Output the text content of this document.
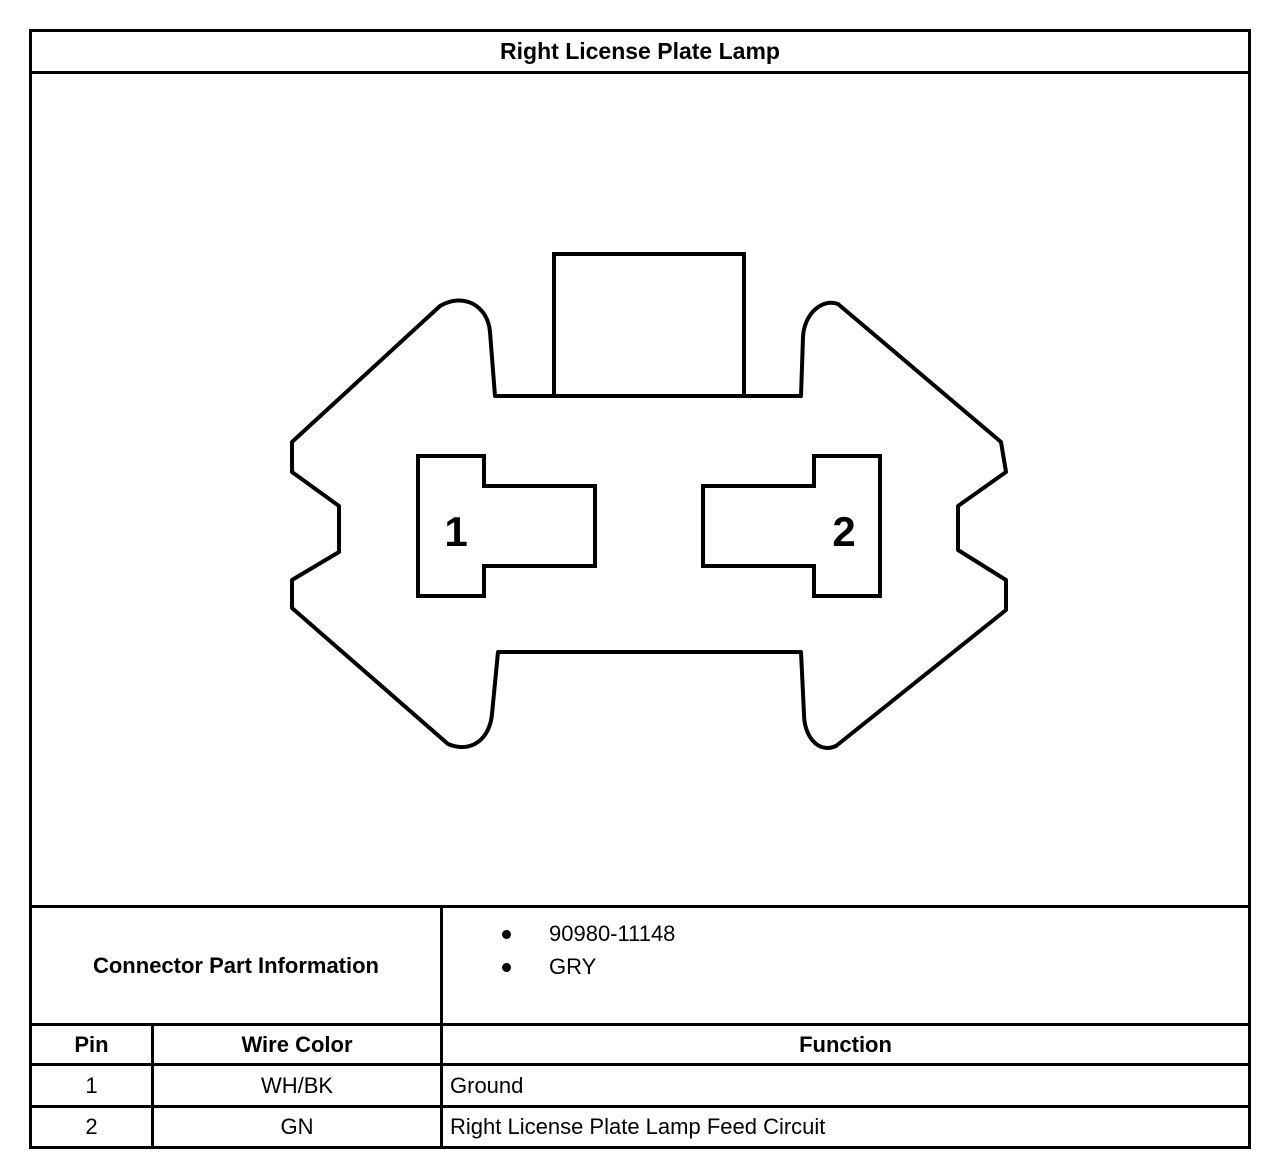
Right License Plate Lamp
1	2
Connector Part Information
90980-11148
GRY
Pin	Wire Color	Function
1	WH/BK	Ground
2	GN	Right License Plate Lamp Feed Circuit
